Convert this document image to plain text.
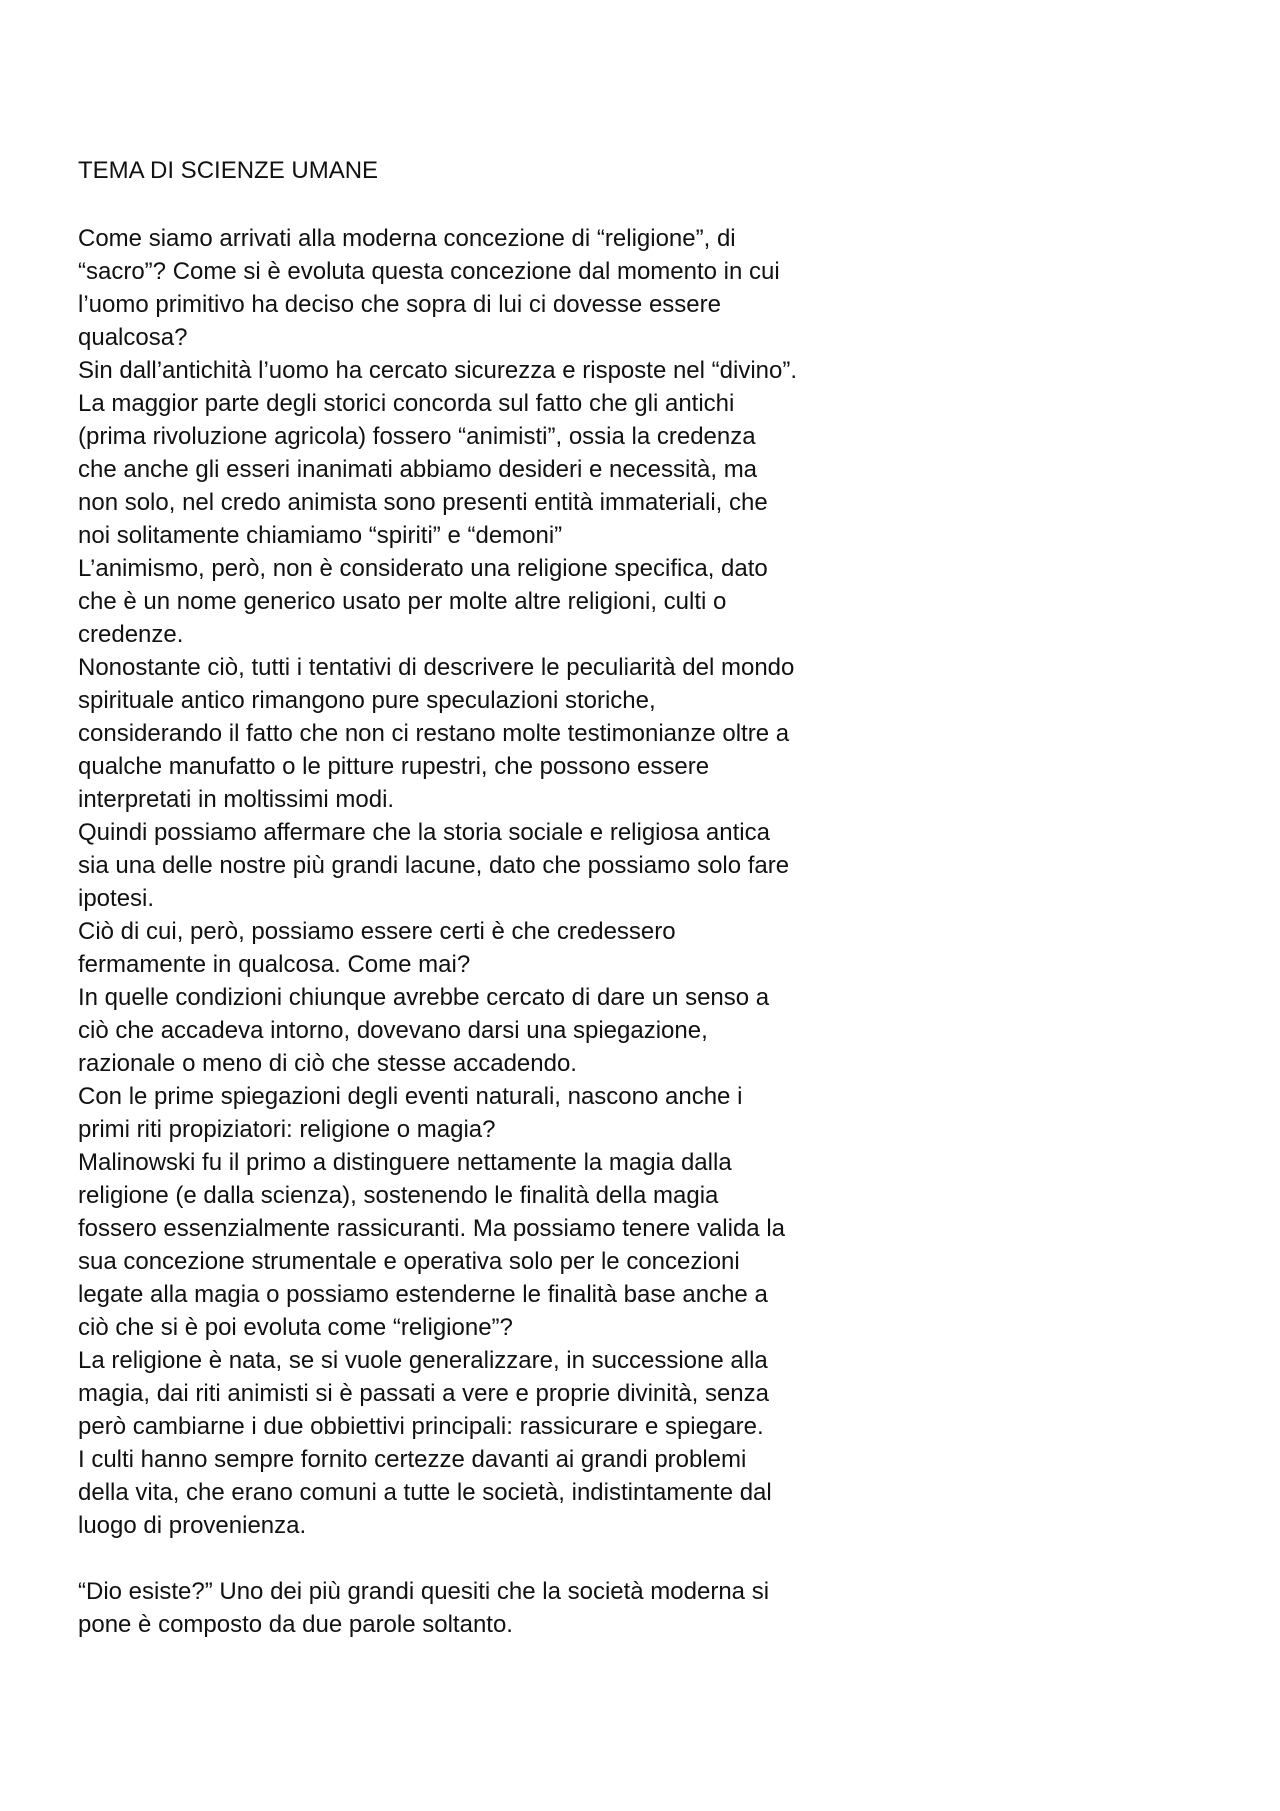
TEMA DI SCIENZE UMANE

Come siamo arrivati alla moderna concezione di “religione”, di

“sacro”? Come si è evoluta questa concezione dal momento in cui

l’uomo primitivo ha deciso che sopra di lui ci dovesse essere

qualcosa?

Sin dall’antichità l’uomo ha cercato sicurezza e risposte nel “divino”.

La maggior parte degli storici concorda sul fatto che gli antichi

(prima rivoluzione agricola) fossero “animisti”, ossia la credenza

che anche gli esseri inanimati abbiamo desideri e necessità, ma

non solo, nel credo animista sono presenti entità immateriali, che

noi solitamente chiamiamo “spiriti” e “demoni”

L’animismo, però, non è considerato una religione specifica, dato

che è un nome generico usato per molte altre religioni, culti o

credenze.

Nonostante ciò, tutti i tentativi di descrivere le peculiarità del mondo

spirituale antico rimangono pure speculazioni storiche,

considerando il fatto che non ci restano molte testimonianze oltre a

qualche manufatto o le pitture rupestri, che possono essere

interpretati in moltissimi modi.

Quindi possiamo affermare che la storia sociale e religiosa antica

sia una delle nostre più grandi lacune, dato che possiamo solo fare

ipotesi.

Ciò di cui, però, possiamo essere certi è che credessero

fermamente in qualcosa. Come mai?

In quelle condizioni chiunque avrebbe cercato di dare un senso a

ciò che accadeva intorno, dovevano darsi una spiegazione,

razionale o meno di ciò che stesse accadendo.

Con le prime spiegazioni degli eventi naturali, nascono anche i

primi riti propiziatori: religione o magia?

Malinowski fu il primo a distinguere nettamente la magia dalla

religione (e dalla scienza), sostenendo le finalità della magia

fossero essenzialmente rassicuranti. Ma possiamo tenere valida la

sua concezione strumentale e operativa solo per le concezioni

legate alla magia o possiamo estenderne le finalità base anche a

ciò che si è poi evoluta come “religione”?

La religione è nata, se si vuole generalizzare, in successione alla

magia, dai riti animisti si è passati a vere e proprie divinità, senza

però cambiarne i due obbiettivi principali: rassicurare e spiegare.

I culti hanno sempre fornito certezze davanti ai grandi problemi

della vita, che erano comuni a tutte le società, indistintamente dal

luogo di provenienza.

“Dio esiste?” Uno dei più grandi quesiti che la società moderna si

pone è composto da due parole soltanto.
